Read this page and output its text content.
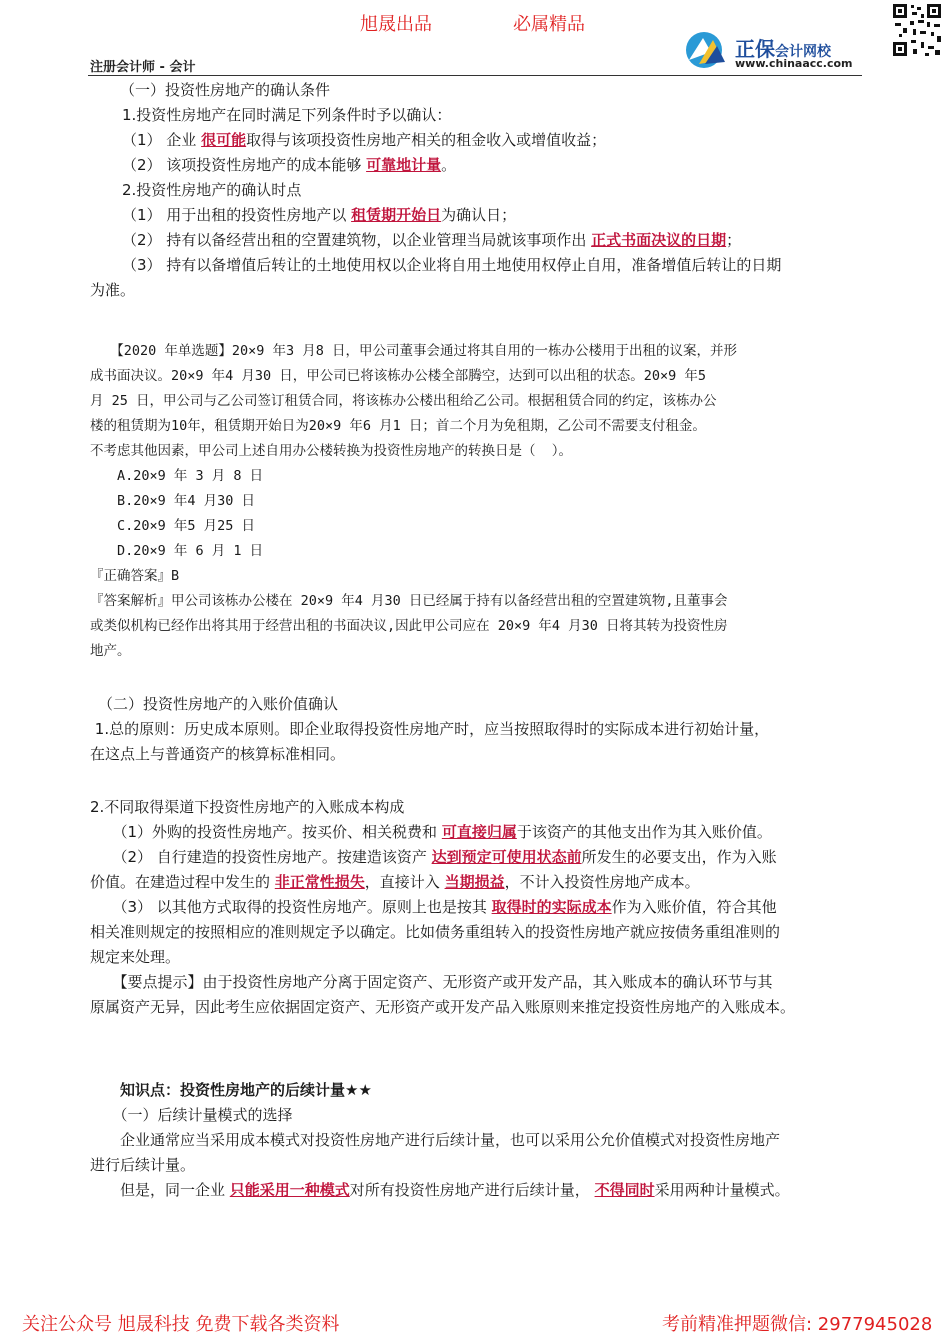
旭晟出品	必属精品
正保会计网校
www.chinaacc.com
注册会计师 - 会计

（一）投资性房地产的确认条件

1.投资性房地产在同时满足下列条件时予以确认：

（1） 企业 很可能取得与该项投资性房地产相关的租金收入或增值收益；

（2） 该项投资性房地产的成本能够 可靠地计量。

2.投资性房地产的确认时点

（1） 用于出租的投资性房地产以 租赁期开始日为确认日；

（2） 持有以备经营出租的空置建筑物，以企业管理当局就该事项作出 正式书面决议的日期；

（3） 持有以备增值后转让的土地使用权以企业将自用土地使用权停止自用，准备增值后转让的日期

为准。

　　【2020 年单选题】20×9 年3 月8 日，甲公司董事会通过将其自用的一栋办公楼用于出租的议案，并形

成书面决议。20×9 年4 月30 日，甲公司已将该栋办公楼全部腾空，达到可以出租的状态。20×9 年5

月 25 日，甲公司与乙公司签订租赁合同，将该栋办公楼出租给乙公司。根据租赁合同的约定，该栋办公

楼的租赁期为10年，租赁期开始日为20×9 年6 月1 日；首二个月为免租期，乙公司不需要支付租金。

不考虑其他因素，甲公司上述自用办公楼转换为投资性房地产的转换日是（  ）。

　　A.20×9 年 3 月 8 日

　　B.20×9 年4 月30 日

　　C.20×9 年5 月25 日

　　D.20×9 年 6 月 1 日

『正确答案』B

『答案解析』甲公司该栋办公楼在 20×9 年4 月30 日已经属于持有以备经营出租的空置建筑物,且董事会

或类似机构已经作出将其用于经营出租的书面决议,因此甲公司应在 20×9 年4 月30 日将其转为投资性房

地产。

（二）投资性房地产的入账价值确认

1.总的原则：历史成本原则。即企业取得投资性房地产时，应当按照取得时的实际成本进行初始计量，

在这点上与普通资产的核算标准相同。

2.不同取得渠道下投资性房地产的入账成本构成

　　（1）外购的投资性房地产。按买价、相关税费和 可直接归属于该资产的其他支出作为其入账价值。

　　（2） 自行建造的投资性房地产。按建造该资产 达到预定可使用状态前所发生的必要支出，作为入账

价值。在建造过程中发生的 非正常性损失，直接计入 当期损益，不计入投资性房地产成本。

　　（3） 以其他方式取得的投资性房地产。原则上也是按其 取得时的实际成本作为入账价值，符合其他

相关准则规定的按照相应的准则规定予以确定。比如债务重组转入的投资性房地产就应按债务重组准则的

规定来处理。

　　【要点提示】由于投资性房地产分离于固定资产、无形资产或开发产品，其入账成本的确认环节与其

原属资产无异，因此考生应依据固定资产、无形资产或开发产品入账原则来推定投资性房地产的入账成本。

　　知识点：投资性房地产的后续计量★★

　　（一）后续计量模式的选择

　　企业通常应当采用成本模式对投资性房地产进行后续计量，也可以采用公允价值模式对投资性房地产

进行后续计量。

　　但是，同一企业 只能采用一种模式对所有投资性房地产进行后续计量， 不得同时采用两种计量模式。

关注公众号 旭晟科技 免费下载各类资料	考前精准押题微信: 2977945028
